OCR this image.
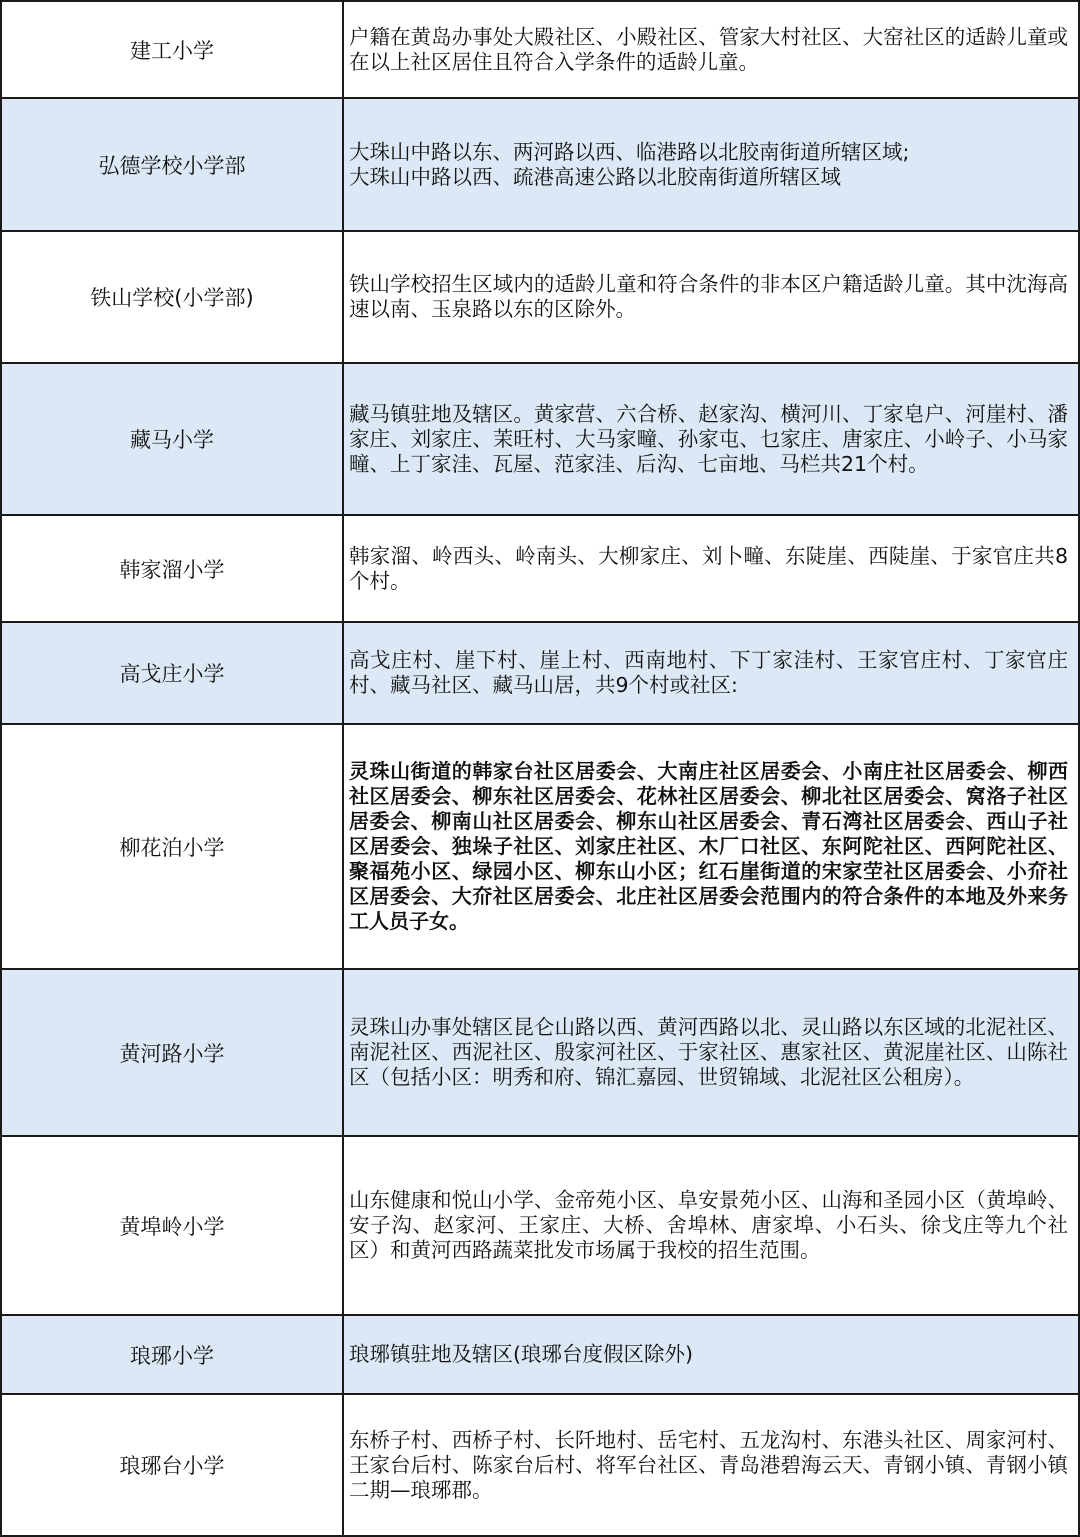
建工小学	户籍在黄岛办事处大殿社区、小殿社区、管家大村社区、大窑社区的适龄儿童或在以上社区居住且符合入学条件的适龄儿童。
弘德学校小学部	大珠山中路以东、两河路以西、临港路以北胶南街道所辖区域;
大珠山中路以西、疏港高速公路以北胶南街道所辖区域
铁山学校(小学部)	铁山学校招生区域内的适龄儿童和符合条件的非本区户籍适龄儿童。其中沈海高速以南、玉泉路以东的区除外。
藏马小学	藏马镇驻地及辖区。黄家营、六合桥、赵家沟、横河川、丁家皂户、河崖村、潘家庄、刘家庄、茉旺村、大马家疃、孙家屯、乜家庄、唐家庄、小岭子、小马家疃、上丁家洼、瓦屋、范家洼、后沟、七亩地、马栏共21个村。
韩家溜小学	韩家溜、岭西头、岭南头、大柳家庄、刘卜疃、东陡崖、西陡崖、于家官庄共8个村。
高戈庄小学	高戈庄村、崖下村、崖上村、西南地村、下丁家洼村、王家官庄村、丁家官庄村、藏马社区、藏马山居，共9个村或社区:
柳花泊小学	灵珠山街道的韩家台社区居委会、大南庄社区居委会、小南庄社区居委会、柳西社区居委会、柳东社区居委会、花林社区居委会、柳北社区居委会、窝洛子社区居委会、柳南山社区居委会、柳东山社区居委会、青石湾社区居委会、西山子社区居委会、独垛子社区、刘家庄社区、木厂口社区、东阿陀社区、西阿陀社区、聚福苑小区、绿园小区、柳东山小区；红石崖街道的宋家茔社区居委会、小夼社区居委会、大夼社区居委会、北庄社区居委会范围内的符合条件的本地及外来务工人员子女。
黄河路小学	灵珠山办事处辖区昆仑山路以西、黄河西路以北、灵山路以东区域的北泥社区、南泥社区、西泥社区、殷家河社区、于家社区、惠家社区、黄泥崖社区、山陈社区（包括小区：明秀和府、锦汇嘉园、世贸锦域、北泥社区公租房）。
黄埠岭小学	山东健康和悦山小学、金帝苑小区、阜安景苑小区、山海和圣园小区（黄埠岭、安子沟、赵家河、王家庄、大桥、舍埠林、唐家埠、小石头、徐戈庄等九个社区）和黄河西路蔬菜批发市场属于我校的招生范围。
琅琊小学	琅琊镇驻地及辖区(琅琊台度假区除外)
琅琊台小学	东桥子村、西桥子村、长阡地村、岳宅村、五龙沟村、东港头社区、周家河村、王家台后村、陈家台后村、将军台社区、青岛港碧海云天、青钢小镇、青钢小镇二期—琅琊郡。
